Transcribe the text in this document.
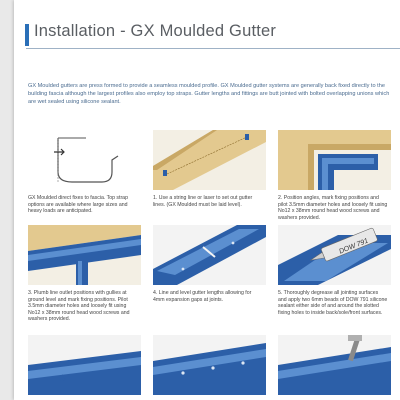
Installation - GX Moulded Gutter
GX Moulded gutters are press formed to provide a seamless moulded profile. GX Moulded gutter systems are generally back fixed directly to the building fascia although the largest profiles also employ top straps. Gutter lengths and fittings are butt jointed with bolted overlapping unions which are wet sealed using silicone sealant.
GX Moulded direct fixes to fascia. Top strap options are available where large sizes and heavy loads are anticipated.
1. Use a string line or laser to set out gutter lines. (GX Moulded must be laid level).
2. Position angles, mark fixing positions and pilot 3.5mm diameter holes and loosely fit using No12 x 38mm round head wood screws and washers provided.
3. Plumb line outlet positions with gullies at ground level and mark fixing positions. Pilot 3.5mm diameter holes and loosely fit using No12 x 38mm round head wood screws and washers provided.
4. Line and level gutter lengths allowing for 4mm expansion gaps at joints.
DOW 791
5. Thoroughly degrease all jointing surfaces and apply two 6mm beads of DOW 791 silicone sealant either side of and around the slotted fixing holes to inside back/sole/front surfaces.
